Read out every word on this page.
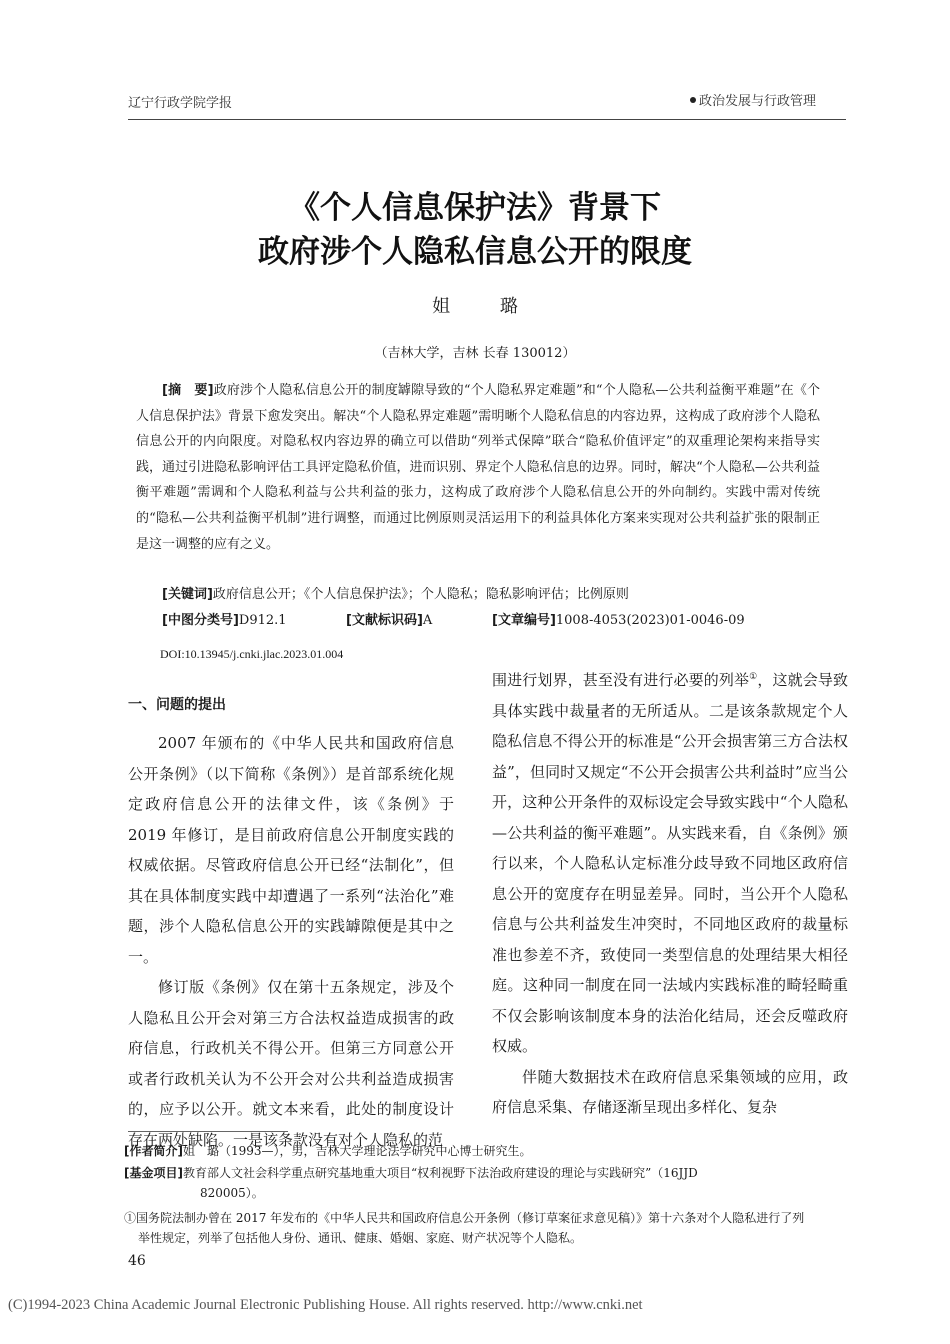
辽宁行政学院学报	政治发展与行政管理
《个人信息保护法》背景下
政府涉个人隐私信息公开的限度
姐 璐
（吉林大学，吉林 长春 130012）
[摘　要]政府涉个人隐私信息公开的制度罅隙导致的“个人隐私界定难题”和“个人隐私—公共利益衡平难题”在《个人信息保护法》背景下愈发突出。解决“个人隐私界定难题”需明晰个人隐私信息的内容边界，这构成了政府涉个人隐私信息公开的内向限度。对隐私权内容边界的确立可以借助“列举式保障”联合“隐私价值评定”的双重理论架构来指导实践，通过引进隐私影响评估工具评定隐私价值，进而识别、界定个人隐私信息的边界。同时，解决“个人隐私—公共利益衡平难题”需调和个人隐私利益与公共利益的张力，这构成了政府涉个人隐私信息公开的外向制约。实践中需对传统的“隐私—公共利益衡平机制”进行调整，而通过比例原则灵活运用下的利益具体化方案来实现对公共利益扩张的限制正是这一调整的应有之义。
[关键词]政府信息公开；《个人信息保护法》；个人隐私；隐私影响评估；比例原则
[中图分类号]D912.1	[文献标识码]A	[文章编号]1008-4053(2023)01-0046-09
DOI:10.13945/j.cnki.jlac.2023.01.004
一、问题的提出

2007 年颁布的《中华人民共和国政府信息公开条例》（以下简称《条例》）是首部系统化规定政府信息公开的法律文件，该《条例》于 2019 年修订，是目前政府信息公开制度实践的权威依据。尽管政府信息公开已经“法制化”，但其在具体制度实践中却遭遇了一系列“法治化”难题，涉个人隐私信息公开的实践罅隙便是其中之一。

修订版《条例》仅在第十五条规定，涉及个人隐私且公开会对第三方合法权益造成损害的政府信息，行政机关不得公开。但第三方同意公开或者行政机关认为不公开会对公共利益造成损害的，应予以公开。就文本来看，此处的制度设计存在两处缺陷。一是该条款没有对个人隐私的范

围进行划界，甚至没有进行必要的列举①，这就会导致具体实践中裁量者的无所适从。二是该条款规定个人隐私信息不得公开的标准是“公开会损害第三方合法权益”，但同时又规定“不公开会损害公共利益时”应当公开，这种公开条件的双标设定会导致实践中“个人隐私—公共利益的衡平难题”。从实践来看，自《条例》颁行以来，个人隐私认定标准分歧导致不同地区政府信息公开的宽度存在明显差异。同时，当公开个人隐私信息与公共利益发生冲突时，不同地区政府的裁量标准也参差不齐，致使同一类型信息的处理结果大相径庭。这种同一制度在同一法域内实践标准的畸轻畸重不仅会影响该制度本身的法治化结局，还会反噬政府权威。

伴随大数据技术在政府信息采集领域的应用，政府信息采集、存储逐渐呈现出多样化、复杂

[作者简介]姐　璐（1993—），男，吉林大学理论法学研究中心博士研究生。
[基金项目]教育部人文社会科学重点研究基地重大项目“权利视野下法治政府建设的理论与实践研究”（16JJD
820005）。
①国务院法制办曾在 2017 年发布的《中华人民共和国政府信息公开条例（修订草案征求意见稿）》第十六条对个人隐私进行了列
举性规定，列举了包括他人身份、通讯、健康、婚姻、家庭、财产状况等个人隐私。
46
(C)1994-2023 China Academic Journal Electronic Publishing House. All rights reserved. http://www.cnki.net
